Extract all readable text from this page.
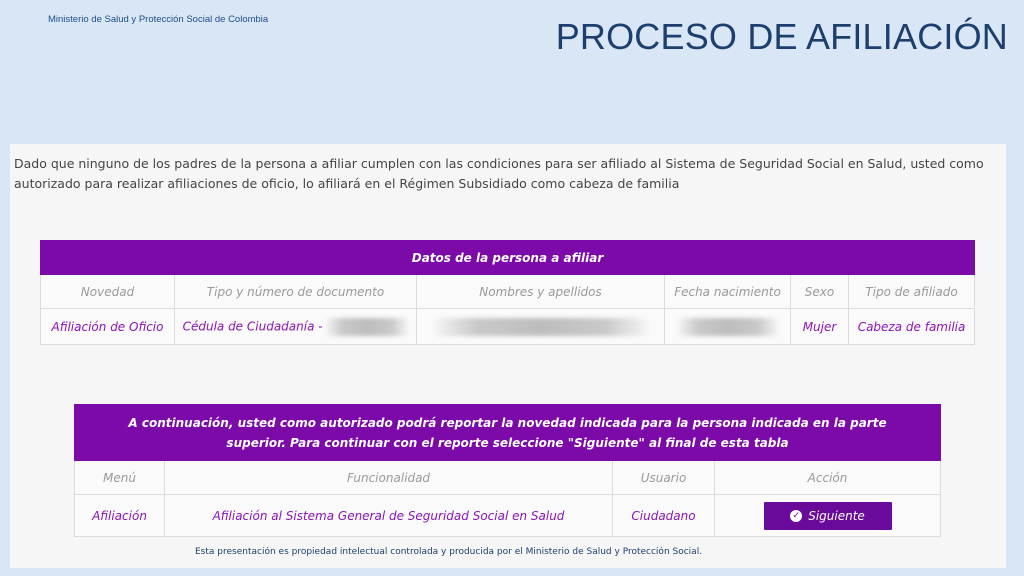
Ministerio de Salud y Protección Social de Colombia	PROCESO DE AFILIACIÓN
Dado que ninguno de los padres de la persona a afiliar cumplen con las condiciones para ser afiliado al Sistema de Seguridad Social en Salud, usted como autorizado para realizar afiliaciones de oficio, lo afiliará en el Régimen Subsidiado como cabeza de familia
Datos de la persona a afiliar					
Novedad	Tipo y número de documento	Nombres y apellidos	Fecha nacimiento	Sexo	Tipo de afiliado
Afiliación de Oficio	Cédula de Ciudadanía -			Mujer	Cabeza de familia
A continuación, usted como autorizado podrá reportar la novedad indicada para la persona indicada en la parte superior. Para continuar con el reporte seleccione "Siguiente" al final de esta tabla			
Menú	Funcionalidad	Usuario	Acción
Afiliación	Afiliación al Sistema General de Seguridad Social en Salud	Ciudadano	✓ Siguiente
Esta presentación es propiedad intelectual controlada y producida por el Ministerio de Salud y Protección Social.
